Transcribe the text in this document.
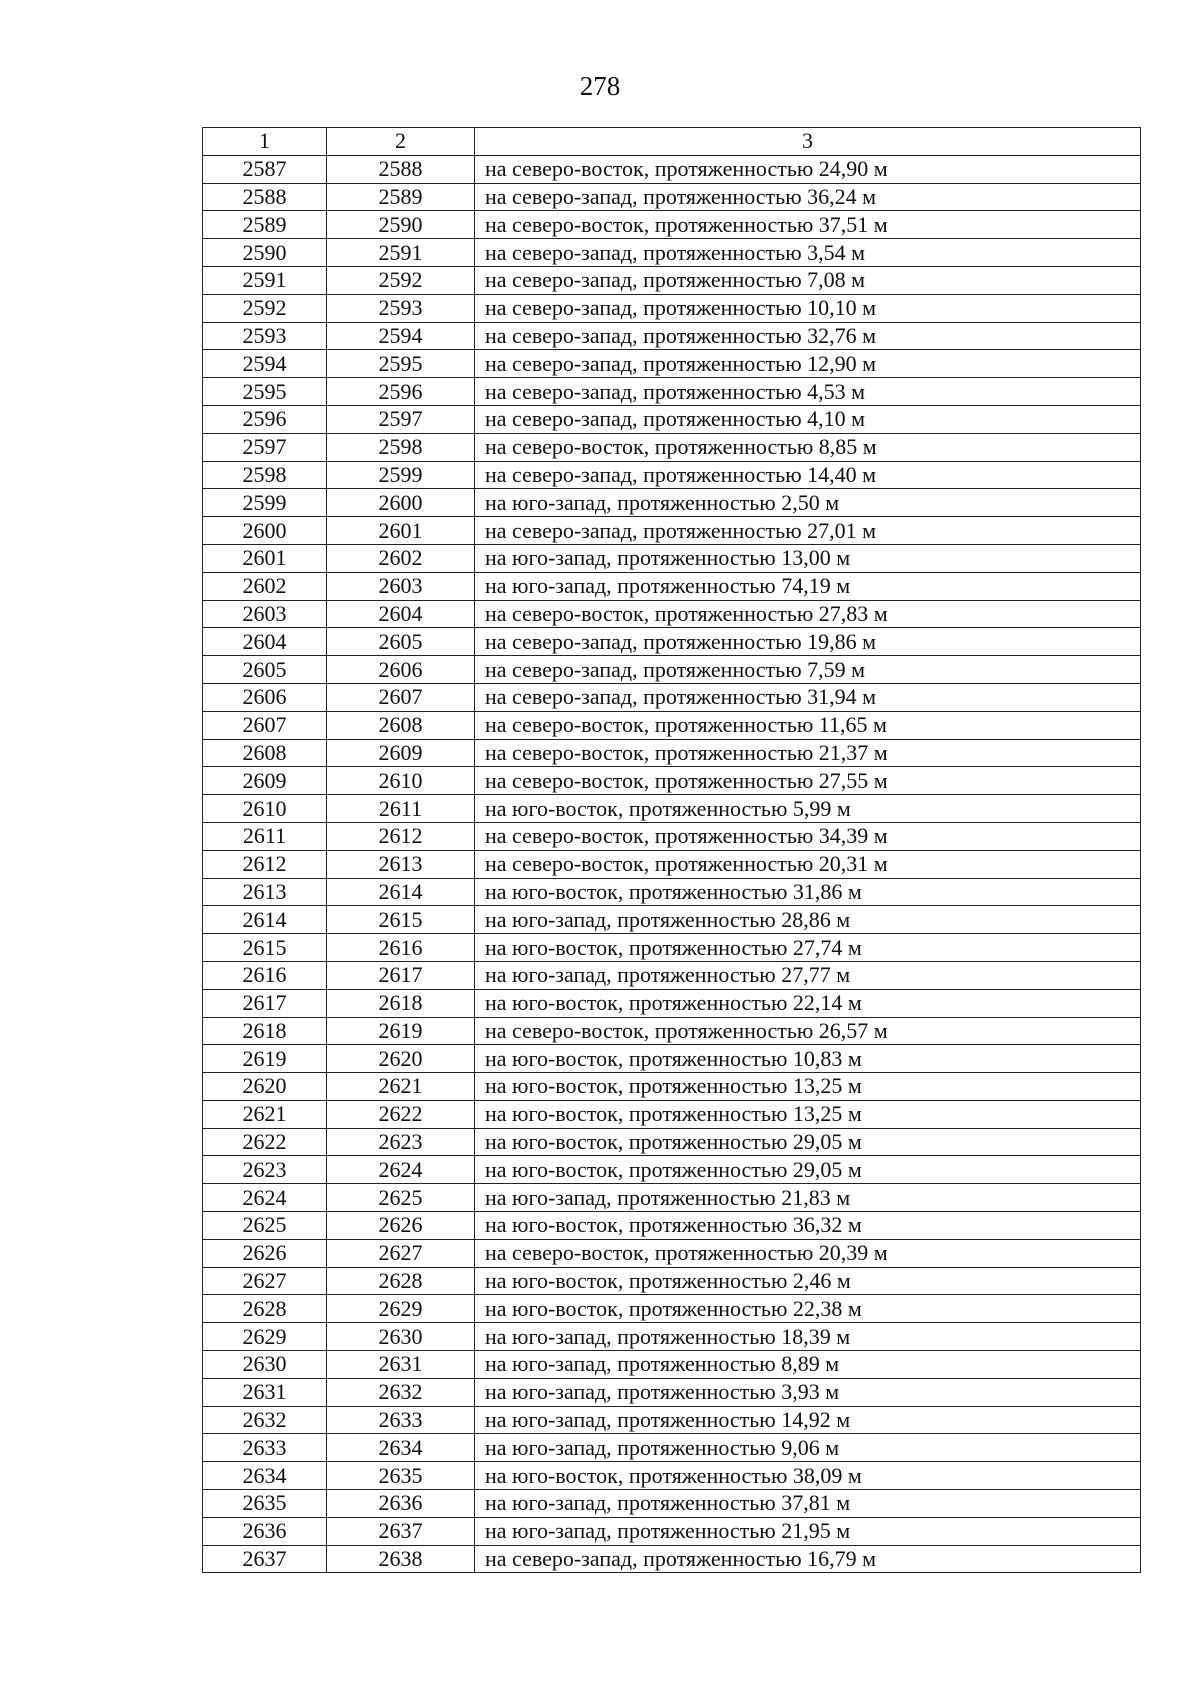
278
1	2	3
2587	2588	на северо-восток, протяженностью 24,90 м
2588	2589	на северо-запад, протяженностью 36,24 м
2589	2590	на северо-восток, протяженностью 37,51 м
2590	2591	на северо-запад, протяженностью 3,54 м
2591	2592	на северо-запад, протяженностью 7,08 м
2592	2593	на северо-запад, протяженностью 10,10 м
2593	2594	на северо-запад, протяженностью 32,76 м
2594	2595	на северо-запад, протяженностью 12,90 м
2595	2596	на северо-запад, протяженностью 4,53 м
2596	2597	на северо-запад, протяженностью 4,10 м
2597	2598	на северо-восток, протяженностью 8,85 м
2598	2599	на северо-запад, протяженностью 14,40 м
2599	2600	на юго-запад, протяженностью 2,50 м
2600	2601	на северо-запад, протяженностью 27,01 м
2601	2602	на юго-запад, протяженностью 13,00 м
2602	2603	на юго-запад, протяженностью 74,19 м
2603	2604	на северо-восток, протяженностью 27,83 м
2604	2605	на северо-запад, протяженностью 19,86 м
2605	2606	на северо-запад, протяженностью 7,59 м
2606	2607	на северо-запад, протяженностью 31,94 м
2607	2608	на северо-восток, протяженностью 11,65 м
2608	2609	на северо-восток, протяженностью 21,37 м
2609	2610	на северо-восток, протяженностью 27,55 м
2610	2611	на юго-восток, протяженностью 5,99 м
2611	2612	на северо-восток, протяженностью 34,39 м
2612	2613	на северо-восток, протяженностью 20,31 м
2613	2614	на юго-восток, протяженностью 31,86 м
2614	2615	на юго-запад, протяженностью 28,86 м
2615	2616	на юго-восток, протяженностью 27,74 м
2616	2617	на юго-запад, протяженностью 27,77 м
2617	2618	на юго-восток, протяженностью 22,14 м
2618	2619	на северо-восток, протяженностью 26,57 м
2619	2620	на юго-восток, протяженностью 10,83 м
2620	2621	на юго-восток, протяженностью 13,25 м
2621	2622	на юго-восток, протяженностью 13,25 м
2622	2623	на юго-восток, протяженностью 29,05 м
2623	2624	на юго-восток, протяженностью 29,05 м
2624	2625	на юго-запад, протяженностью 21,83 м
2625	2626	на юго-восток, протяженностью 36,32 м
2626	2627	на северо-восток, протяженностью 20,39 м
2627	2628	на юго-восток, протяженностью 2,46 м
2628	2629	на юго-восток, протяженностью 22,38 м
2629	2630	на юго-запад, протяженностью 18,39 м
2630	2631	на юго-запад, протяженностью 8,89 м
2631	2632	на юго-запад, протяженностью 3,93 м
2632	2633	на юго-запад, протяженностью 14,92 м
2633	2634	на юго-запад, протяженностью 9,06 м
2634	2635	на юго-восток, протяженностью 38,09 м
2635	2636	на юго-запад, протяженностью 37,81 м
2636	2637	на юго-запад, протяженностью 21,95 м
2637	2638	на северо-запад, протяженностью 16,79 м
